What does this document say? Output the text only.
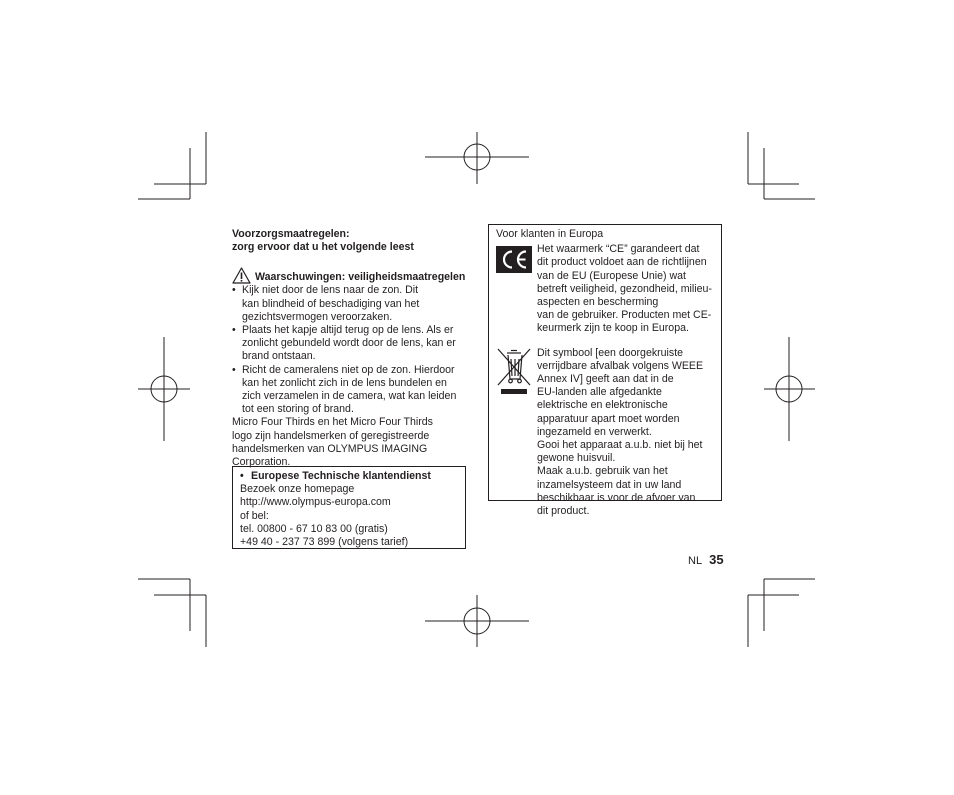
Voorzorgsmaatregelen:
zorg ervoor dat u het volgende leest
Waarschuwingen: veiligheidsmaatregelen
• Kijk niet door de lens naar de zon. Dit
kan blindheid of beschadiging van het
gezichtsvermogen veroorzaken.
• Plaats het kapje altijd terug op de lens. Als er
zonlicht gebundeld wordt door de lens, kan er
brand ontstaan.
• Richt de cameralens niet op de zon. Hierdoor
kan het zonlicht zich in de lens bundelen en
zich verzamelen in de camera, wat kan leiden
tot een storing of brand.
Micro Four Thirds en het Micro Four Thirds
logo zijn handelsmerken of geregistreerde
handelsmerken van OLYMPUS IMAGING
Corporation.
• Europese Technische klantendienst
Bezoek onze homepage
http://www.olympus-europa.com
of bel:
tel. 00800 - 67 10 83 00 (gratis)
+49 40 - 237 73 899 (volgens tarief)
Voor klanten in Europa
Het waarmerk “CE” garandeert dat
dit product voldoet aan de richtlijnen
van de EU (Europese Unie) wat
betreft veiligheid, gezondheid, milieu-
aspecten en bescherming
van de gebruiker. Producten met CE-
keurmerk zijn te koop in Europa.
Dit symbool [een doorgekruiste
verrijdbare afvalbak volgens WEEE
Annex IV] geeft aan dat in de
EU-landen alle afgedankte
elektrische en elektronische
apparatuur apart moet worden
ingezameld en verwerkt.
Gooi het apparaat a.u.b. niet bij het
gewone huisvuil.
Maak a.u.b. gebruik van het
inzamelsysteem dat in uw land
beschikbaar is voor de afvoer van
dit product.
NL 35
